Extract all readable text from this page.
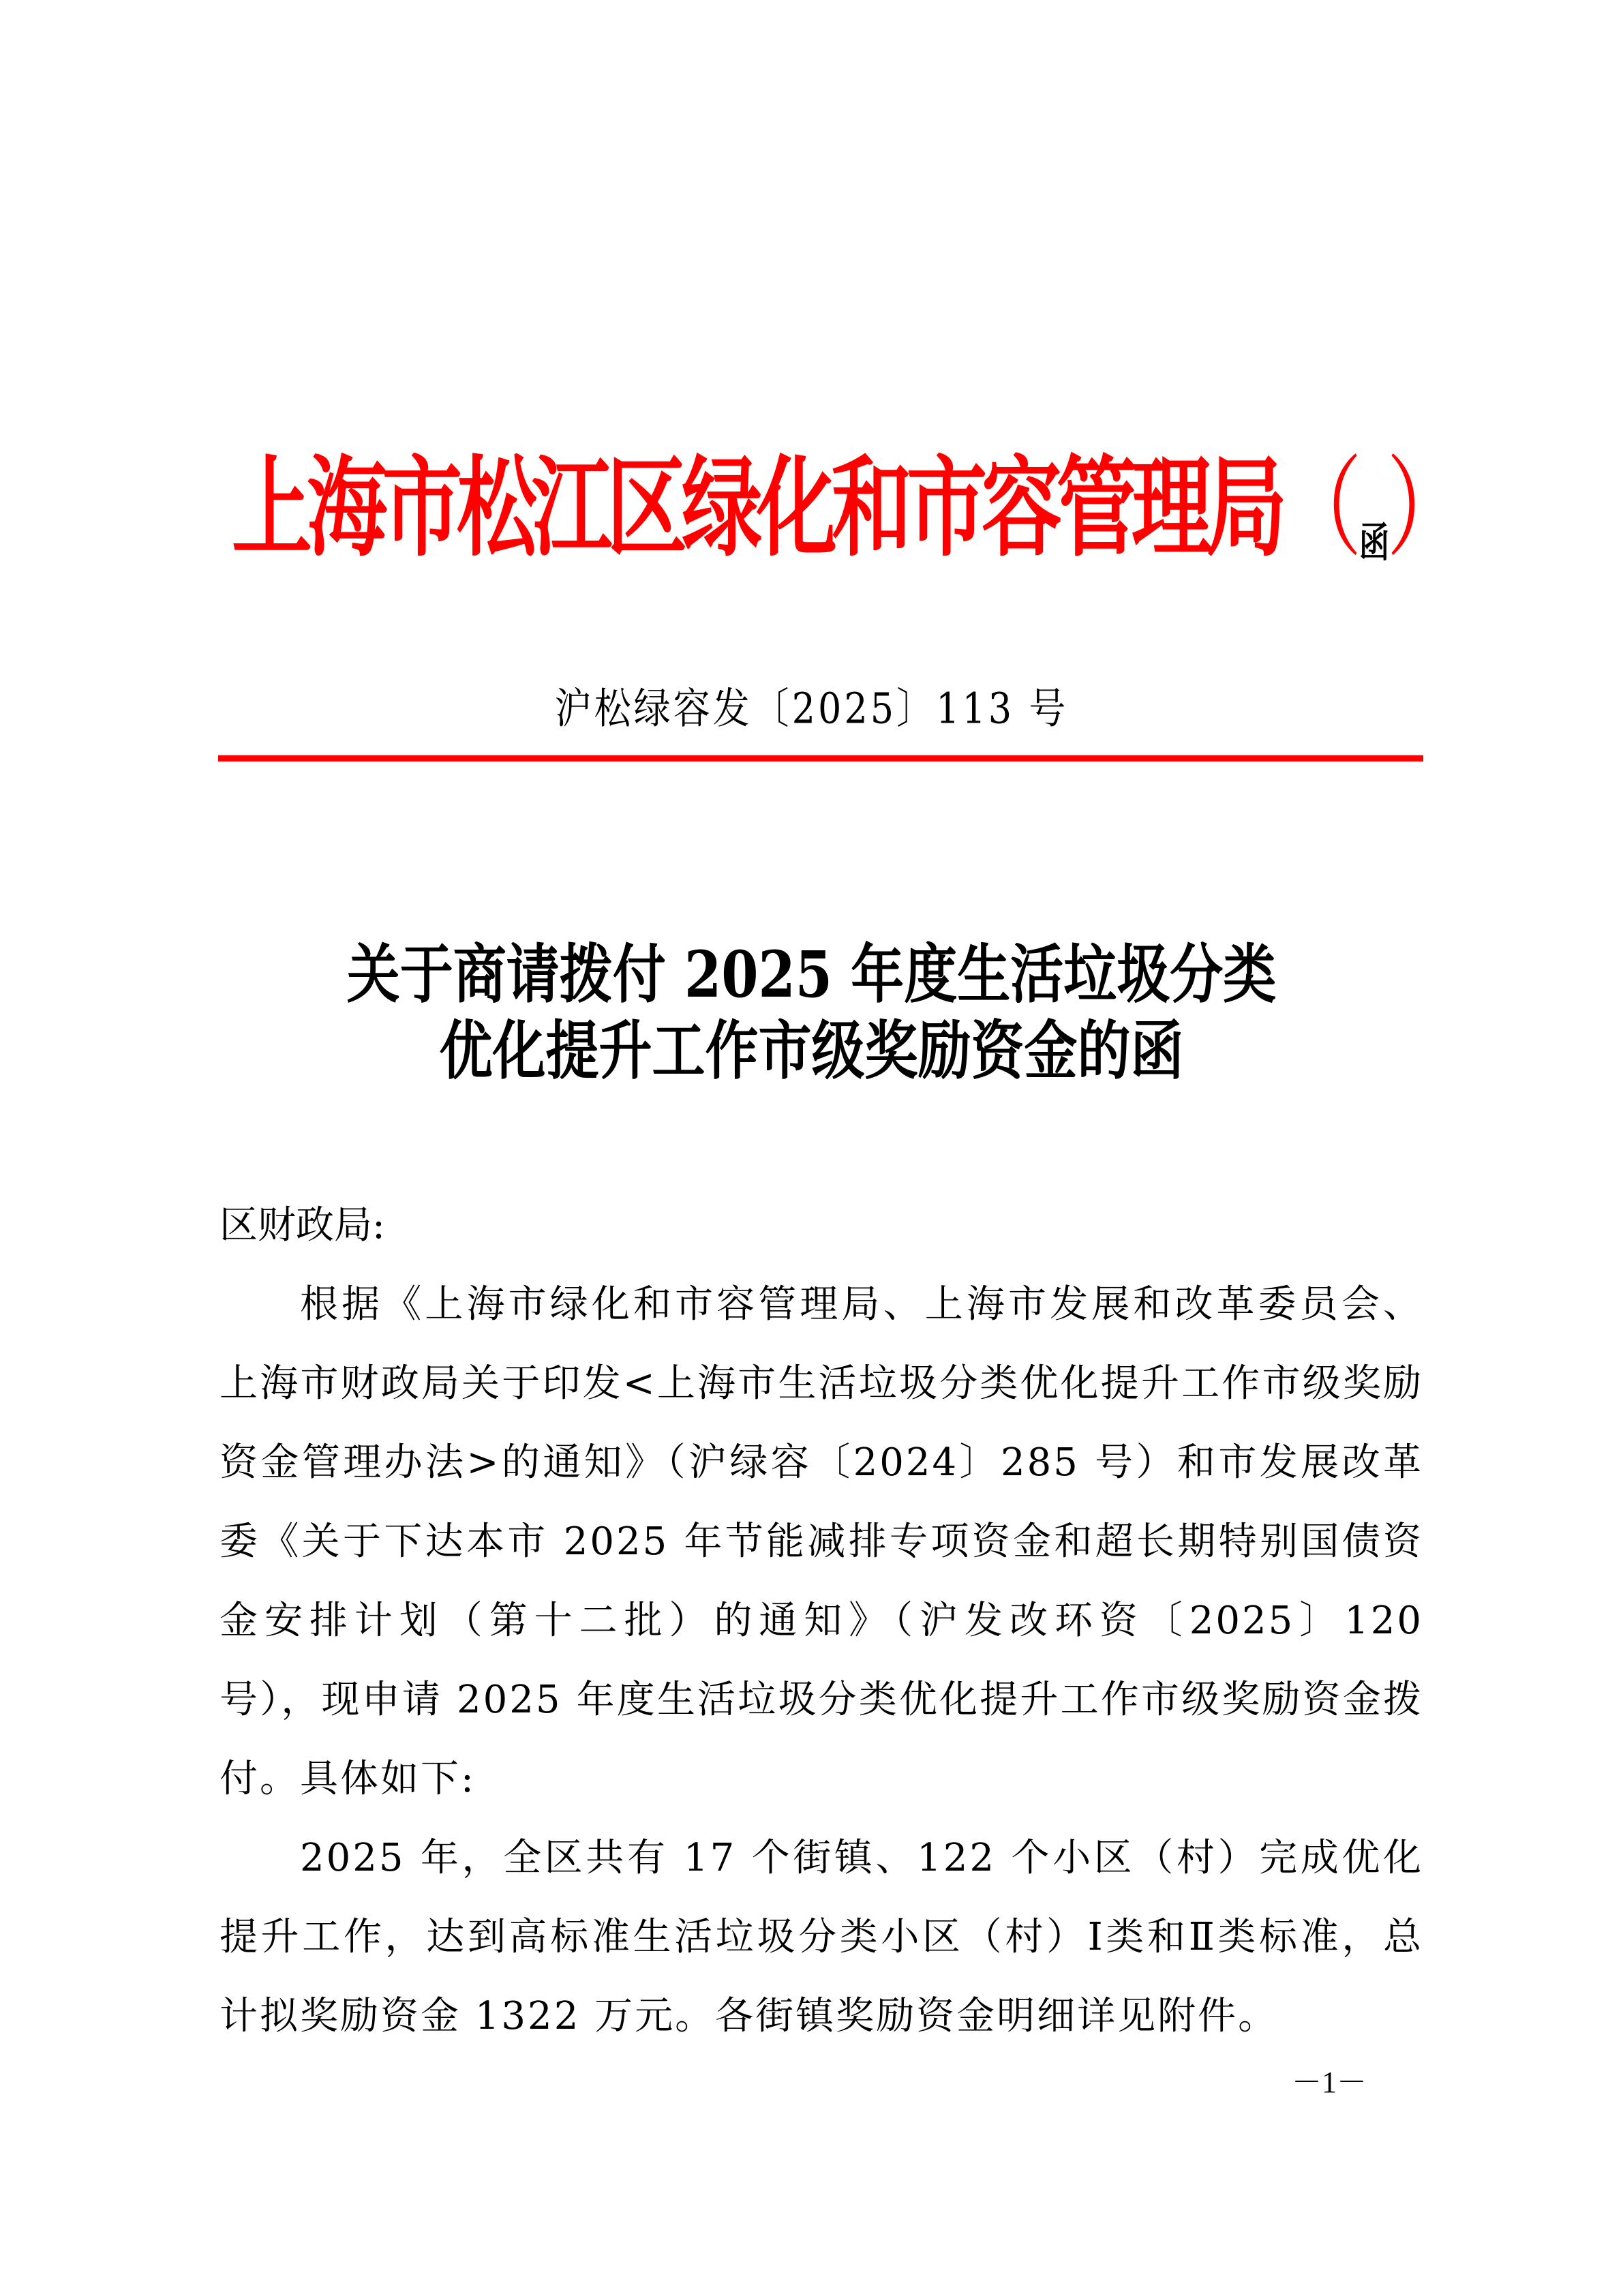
上海市松江区绿化和市容管理局（函）
沪松绿容发〔2025〕113 号
关于商请拨付 2025 年度生活垃圾分类
优化提升工作市级奖励资金的函
区财政局:
根据《上海市绿化和市容管理局、上海市发展和改革委员会、上海市财政局关于印发<上海市生活垃圾分类优化提升工作市级奖励资金管理办法>的通知》（沪绿容〔2024〕285 号）和市发展改革委《关于下达本市 2025 年节能减排专项资金和超长期特别国债资金安排计划（第十二批）的通知》（沪发改环资〔2025〕120 号），现申请 2025 年度生活垃圾分类优化提升工作市级奖励资金拨付。具体如下:
2025 年，全区共有 17 个街镇、122 个小区（村）完成优化提升工作，达到高标准生活垃圾分类小区（村）Ⅰ类和Ⅱ类标准，总计拟奖励资金 1322 万元。各街镇奖励资金明细详见附件。
－1－
